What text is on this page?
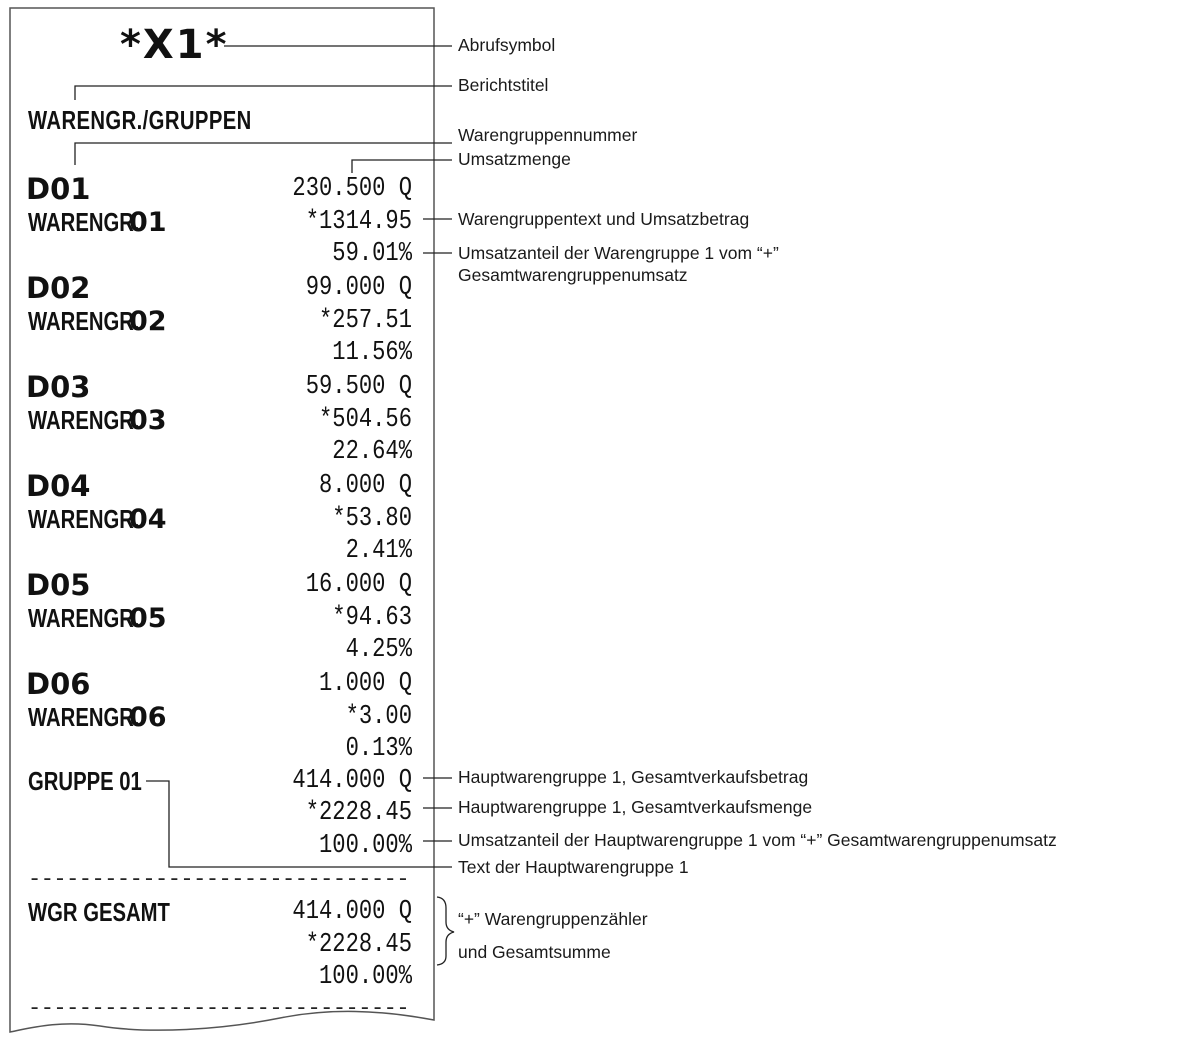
*X1*
WARENGR./GRUPPEN
D01
WARENGR.
01
230.500 Q
*1314.95
59.01%
D02
WARENGR.
02
99.000 Q
*257.51
11.56%
D03
WARENGR.
03
59.500 Q
*504.56
22.64%
D04
WARENGR.
04
8.000 Q
*53.80
2.41%
D05
WARENGR.
05
16.000 Q
*94.63
4.25%
D06
WARENGR.
06
1.000 Q
*3.00
0.13%
GRUPPE 01	414.000 Q
*2228.45
100.00%
------------------------------
WGR GESAMT	414.000 Q
*2228.45
100.00%
------------------------------
Abrufsymbol
Berichtstitel
Warengruppennummer
Umsatzmenge
Warengruppentext und Umsatzbetrag
Umsatzanteil der Warengruppe 1 vom “+”
Gesamtwarengruppenumsatz
Hauptwarengruppe 1, Gesamtverkaufsbetrag
Hauptwarengruppe 1, Gesamtverkaufsmenge
Umsatzanteil der Hauptwarengruppe 1 vom “+” Gesamtwarengruppenumsatz
Text der Hauptwarengruppe 1
“+” Warengruppenzähler
und Gesamtsumme
